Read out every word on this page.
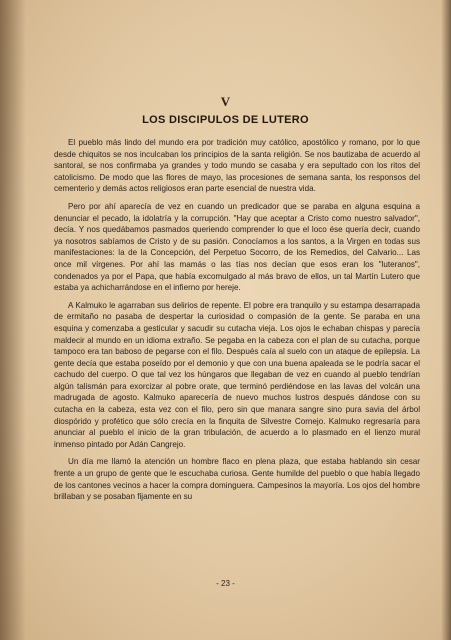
V
LOS DISCIPULOS DE LUTERO

El pueblo más lindo del mundo era por tradición muy católico, apostólico y romano, por lo que desde chiquitos se nos inculcaban los principios de la santa religión. Se nos bautizaba de acuerdo al santoral, se nos confirmaba ya grandes y todo mundo se casaba y era sepultado con los ritos del catolicismo. De modo que las flores de mayo, las procesiones de semana santa, los responsos del cementerio y demás actos religiosos eran parte esencial de nuestra vida.

Pero por ahí aparecía de vez en cuando un predicador que se paraba en alguna esquina a denunciar el pecado, la idolatría y la corrupción. "Hay que aceptar a Cristo como nuestro salvador", decía. Y nos quedábamos pasmados queriendo comprender lo que el loco ése quería decir, cuando ya nosotros sabíamos de Cristo y de su pasión. Conocíamos a los santos, a la Virgen en todas sus manifestaciones: la de la Concepción, del Perpetuo Socorro, de los Remedios, del Calvario... Las once mil vírgenes. Por ahí las mamás o las tías nos decían que esos eran los "luteranos", condenados ya por el Papa, que había excomulgado al más bravo de ellos, un tal Martín Lutero que estaba ya achicharrándose en el infierno por hereje.

A Kalmuko le agarraban sus delirios de repente. El pobre era tranquilo y su estampa desarrapada de ermitaño no pasaba de despertar la curiosidad o compasión de la gente. Se paraba en una esquina y comenzaba a gesticular y sacudir su cutacha vieja. Los ojos le echaban chispas y parecía maldecir al mundo en un idioma extraño. Se pegaba en la cabeza con el plan de su cutacha, porque tampoco era tan baboso de pegarse con el filo. Después caía al suelo con un ataque de epilepsia. La gente decía que estaba poseído por el demonio y que con una buena apaleada se le podría sacar el cachudo del cuerpo. O que tal vez los húngaros que llegaban de vez en cuando al pueblo tendrían algún talismán para exorcizar al pobre orate, que terminó perdiéndose en las lavas del volcán una madrugada de agosto. Kalmuko aparecería de nuevo muchos lustros después dándose con su cutacha en la cabeza, esta vez con el filo, pero sin que manara sangre sino pura savia del árbol diospórido y profético que sólo crecía en la finquita de Silvestre Cornejo. Kalmuko regresaría para anunciar al pueblo el inicio de la gran tribulación, de acuerdo a lo plasmado en el lienzo mural inmenso pintado por Adán Cangrejo.

Un día me llamó la atención un hombre flaco en plena plaza, que estaba hablando sin cesar frente a un grupo de gente que le escuchaba curiosa. Gente humilde del pueblo o que había llegado de los cantones vecinos a hacer la compra dominguera. Campesinos la mayoría. Los ojos del hombre brillaban y se posaban fijamente en su

- 23 -
